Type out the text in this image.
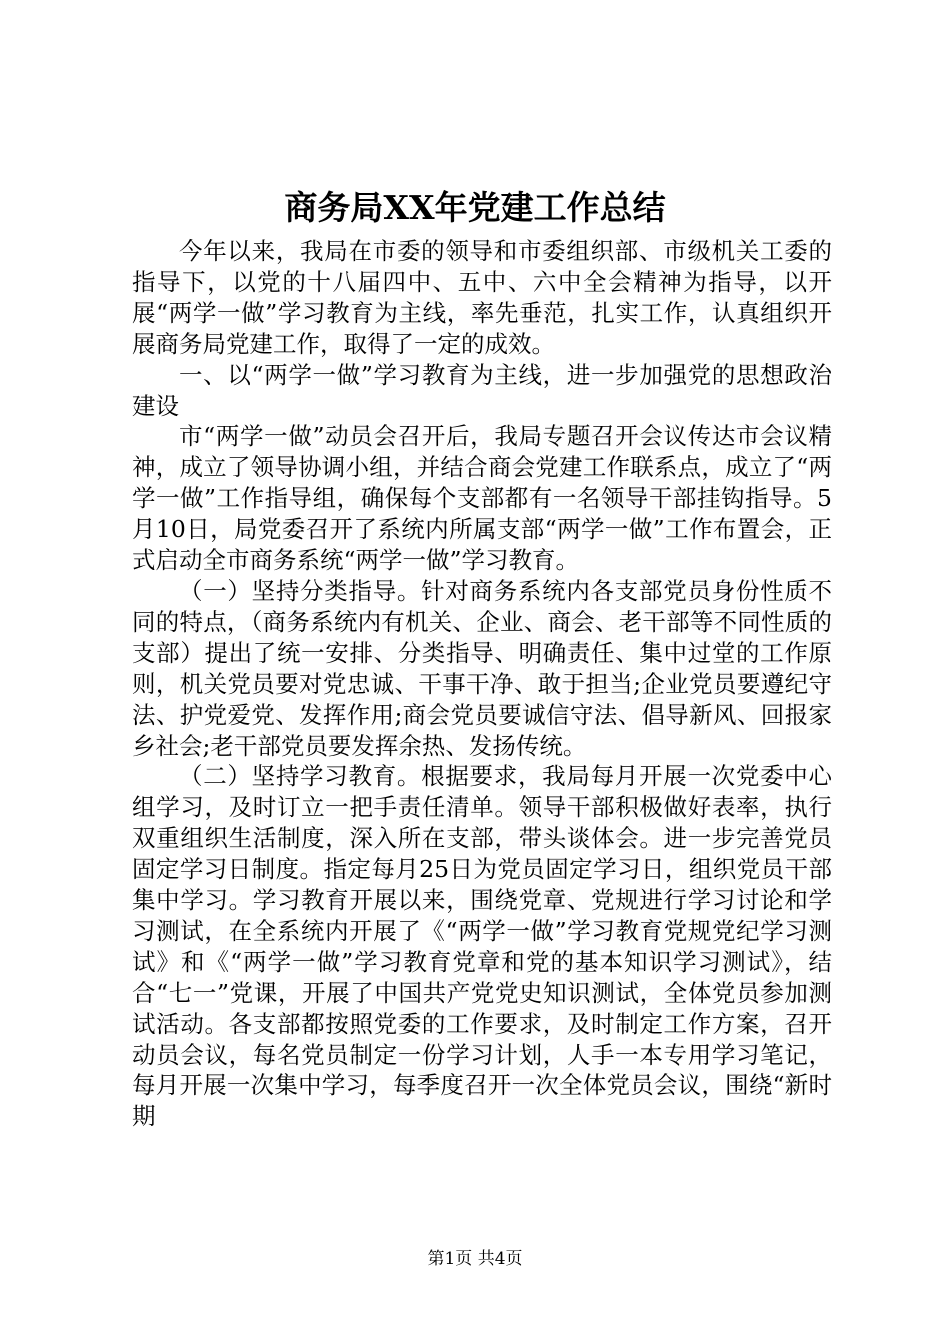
商务局XX年党建工作总结

今年以来，我局在市委的领导和市委组织部、市级机关工委的指导下，以党的十八届四中、五中、六中全会精神为指导，以开展“两学一做”学习教育为主线，率先垂范，扎实工作，认真组织开展商务局党建工作，取得了一定的成效。

一、以“两学一做”学习教育为主线，进一步加强党的思想政治建设

市“两学一做”动员会召开后，我局专题召开会议传达市会议精神，成立了领导协调小组，并结合商会党建工作联系点，成立了“两学一做”工作指导组，确保每个支部都有一名领导干部挂钩指导。5月10日，局党委召开了系统内所属支部“两学一做”工作布置会，正式启动全市商务系统“两学一做”学习教育。

（一）坚持分类指导。针对商务系统内各支部党员身份性质不同的特点，（商务系统内有机关、企业、商会、老干部等不同性质的支部）提出了统一安排、分类指导、明确责任、集中过堂的工作原则，机关党员要对党忠诚、干事干净、敢于担当;企业党员要遵纪守法、护党爱党、发挥作用;商会党员要诚信守法、倡导新风、回报家乡社会;老干部党员要发挥余热、发扬传统。

（二）坚持学习教育。根据要求，我局每月开展一次党委中心组学习，及时订立一把手责任清单。领导干部积极做好表率，执行双重组织生活制度，深入所在支部，带头谈体会。进一步完善党员固定学习日制度。指定每月25日为党员固定学习日，组织党员干部集中学习。学习教育开展以来，围绕党章、党规进行学习讨论和学习测试，在全系统内开展了《“两学一做”学习教育党规党纪学习测试》和《“两学一做”学习教育党章和党的基本知识学习测试》，结合“七一”党课，开展了中国共产党党史知识测试，全体党员参加测试活动。各支部都按照党委的工作要求，及时制定工作方案，召开动员会议，每名党员制定一份学习计划，人手一本专用学习笔记，每月开展一次集中学习，每季度召开一次全体党员会议，围绕“新时期

第1页 共4页
